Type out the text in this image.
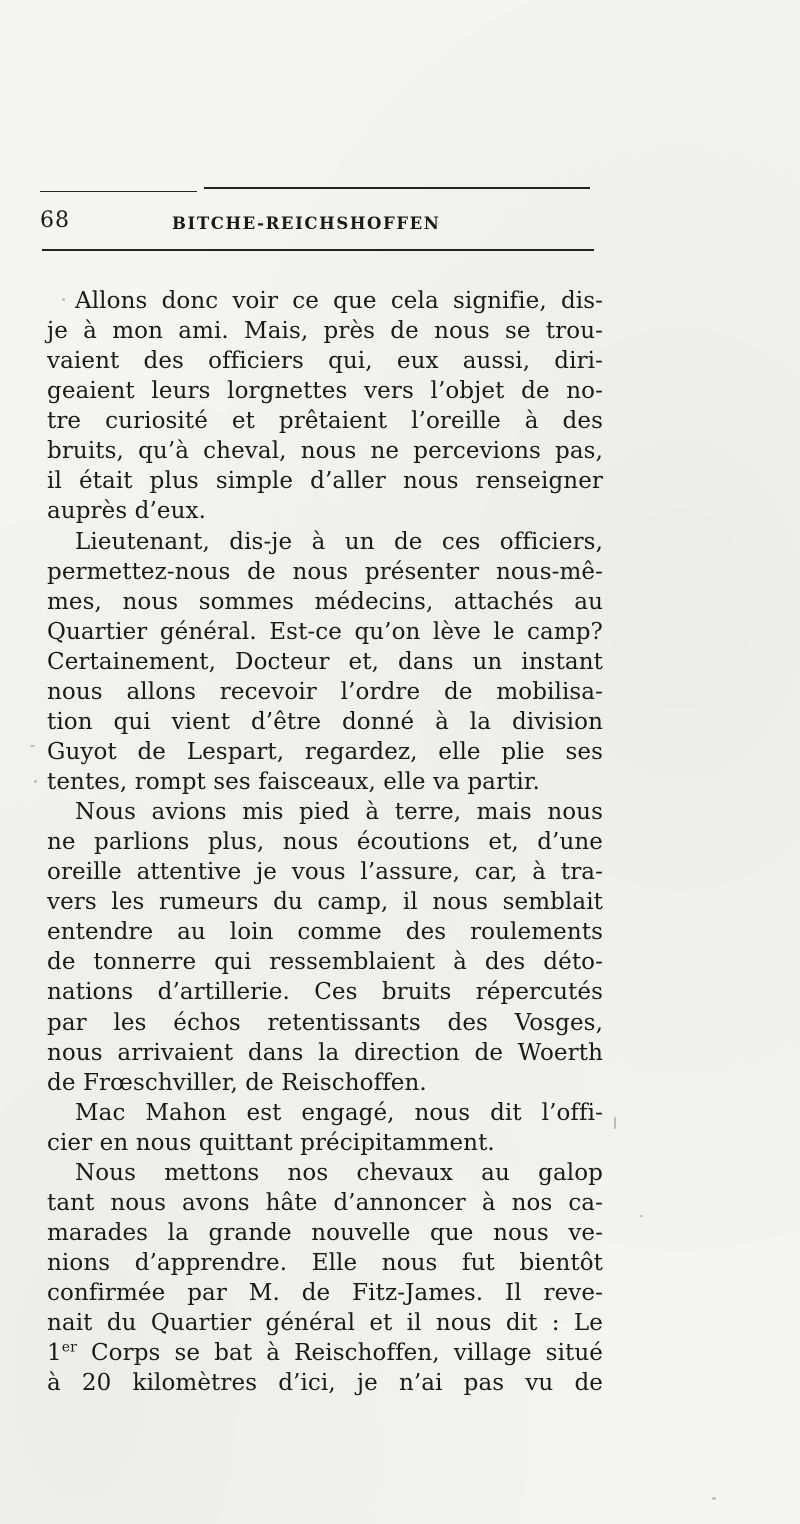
68	BITCHE-REICHSHOFFEN
Allons donc voir ce que cela signifie, dis-
je à mon ami. Mais, près de nous se trou-
vaient des officiers qui, eux aussi, diri-
geaient leurs lorgnettes vers l’objet de no-
tre curiosité et prêtaient l’oreille à des
bruits, qu’à cheval, nous ne percevions pas,
il était plus simple d’aller nous renseigner
auprès d’eux.
Lieutenant, dis-je à un de ces officiers,
permettez-nous de nous présenter nous-mê-
mes, nous sommes médecins, attachés au
Quartier général. Est-ce qu’on lève le camp?
Certainement, Docteur et, dans un instant
nous allons recevoir l’ordre de mobilisa-
tion qui vient d’être donné à la division
Guyot de Lespart, regardez, elle plie ses
tentes, rompt ses faisceaux, elle va partir.
Nous avions mis pied à terre, mais nous
ne parlions plus, nous écoutions et, d’une
oreille attentive je vous l’assure, car, à tra-
vers les rumeurs du camp, il nous semblait
entendre au loin comme des roulements
de tonnerre qui ressemblaient à des déto-
nations d’artillerie. Ces bruits répercutés
par les échos retentissants des Vosges,
nous arrivaient dans la direction de Woerth
de Frœschviller, de Reischoffen.
Mac Mahon est engagé, nous dit l’offi-
cier en nous quittant précipitamment.
Nous mettons nos chevaux au galop
tant nous avons hâte d’annoncer à nos ca-
marades la grande nouvelle que nous ve-
nions d’apprendre. Elle nous fut bientôt
confirmée par M. de Fitz-James. Il reve-
nait du Quartier général et il nous dit : Le
1er Corps se bat à Reischoffen, village situé
à 20 kilomètres d’ici, je n’ai pas vu de
